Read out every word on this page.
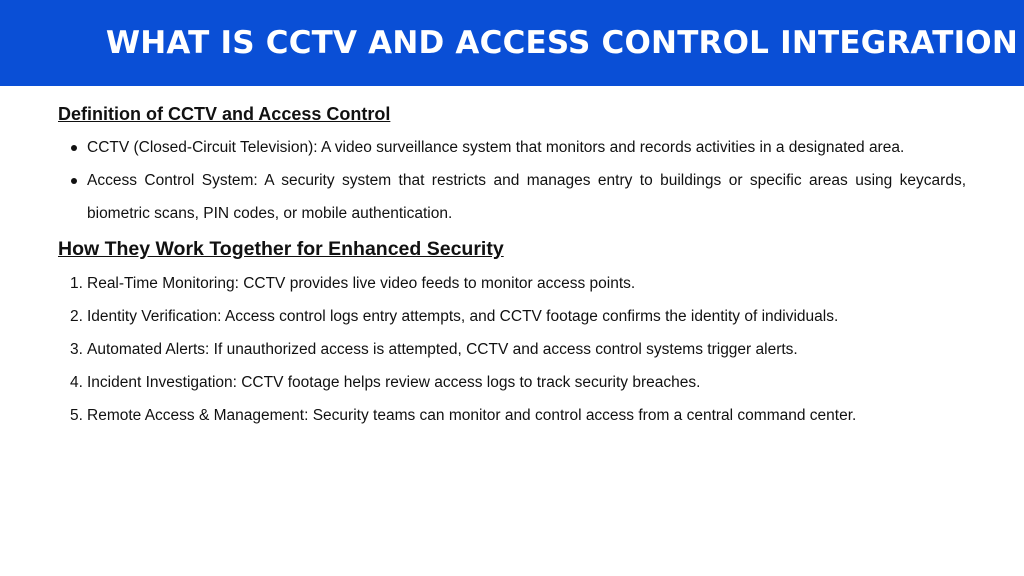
WHAT IS CCTV AND ACCESS CONTROL INTEGRATION
Definition of CCTV and Access Control
CCTV (Closed-Circuit Television): A video surveillance system that monitors and records activities in a designated area.
Access Control System: A security system that restricts and manages entry to buildings or specific areas using keycards, biometric scans, PIN codes, or mobile authentication.
How They Work Together for Enhanced Security
1. Real-Time Monitoring: CCTV provides live video feeds to monitor access points.
2. Identity Verification: Access control logs entry attempts, and CCTV footage confirms the identity of individuals.
3. Automated Alerts: If unauthorized access is attempted, CCTV and access control systems trigger alerts.
4. Incident Investigation: CCTV footage helps review access logs to track security breaches.
5. Remote Access & Management: Security teams can monitor and control access from a central command center.
